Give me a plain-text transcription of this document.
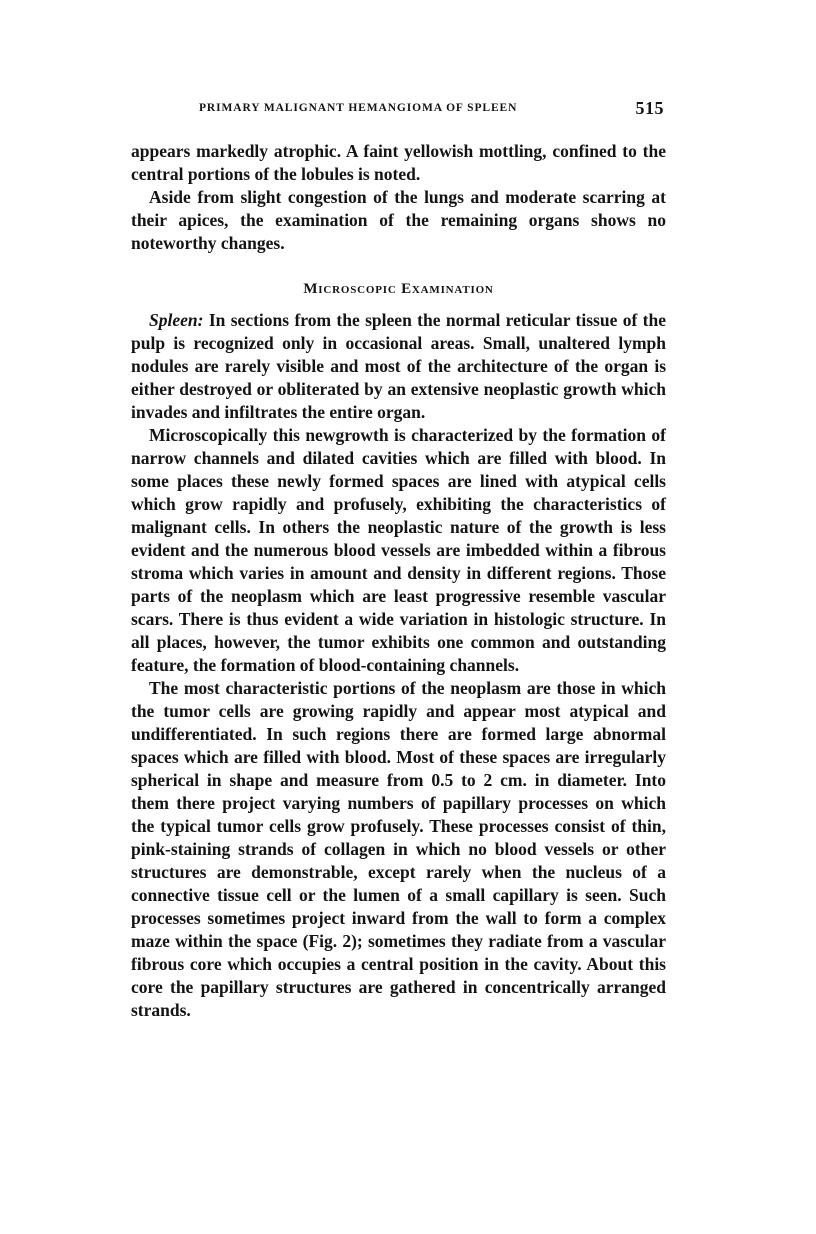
PRIMARY MALIGNANT HEMANGIOMA OF SPLEEN	515

appears markedly atrophic. A faint yellowish mottling, confined to the central portions of the lobules is noted.

Aside from slight congestion of the lungs and moderate scarring at their apices, the examination of the remaining organs shows no noteworthy changes.

Microscopic Examination

Spleen: In sections from the spleen the normal reticular tissue of the pulp is recognized only in occasional areas. Small, unaltered lymph nodules are rarely visible and most of the architecture of the organ is either destroyed or obliterated by an extensive neoplastic growth which invades and infiltrates the entire organ.

Microscopically this newgrowth is characterized by the formation of narrow channels and dilated cavities which are filled with blood. In some places these newly formed spaces are lined with atypical cells which grow rapidly and profusely, exhibiting the characteristics of malignant cells. In others the neoplastic nature of the growth is less evident and the numerous blood vessels are imbedded within a fibrous stroma which varies in amount and density in different regions. Those parts of the neoplasm which are least progressive resemble vascular scars. There is thus evident a wide variation in histologic structure. In all places, however, the tumor exhibits one common and outstanding feature, the formation of blood-containing channels.

The most characteristic portions of the neoplasm are those in which the tumor cells are growing rapidly and appear most atypical and undifferentiated. In such regions there are formed large abnormal spaces which are filled with blood. Most of these spaces are irregularly spherical in shape and measure from 0.5 to 2 cm. in diameter. Into them there project varying numbers of papillary processes on which the typical tumor cells grow profusely. These processes consist of thin, pink-staining strands of collagen in which no blood vessels or other structures are demonstrable, except rarely when the nucleus of a connective tissue cell or the lumen of a small capillary is seen. Such processes sometimes project inward from the wall to form a complex maze within the space (Fig. 2); sometimes they radiate from a vascular fibrous core which occupies a central position in the cavity. About this core the papillary structures are gathered in concentrically arranged strands.
